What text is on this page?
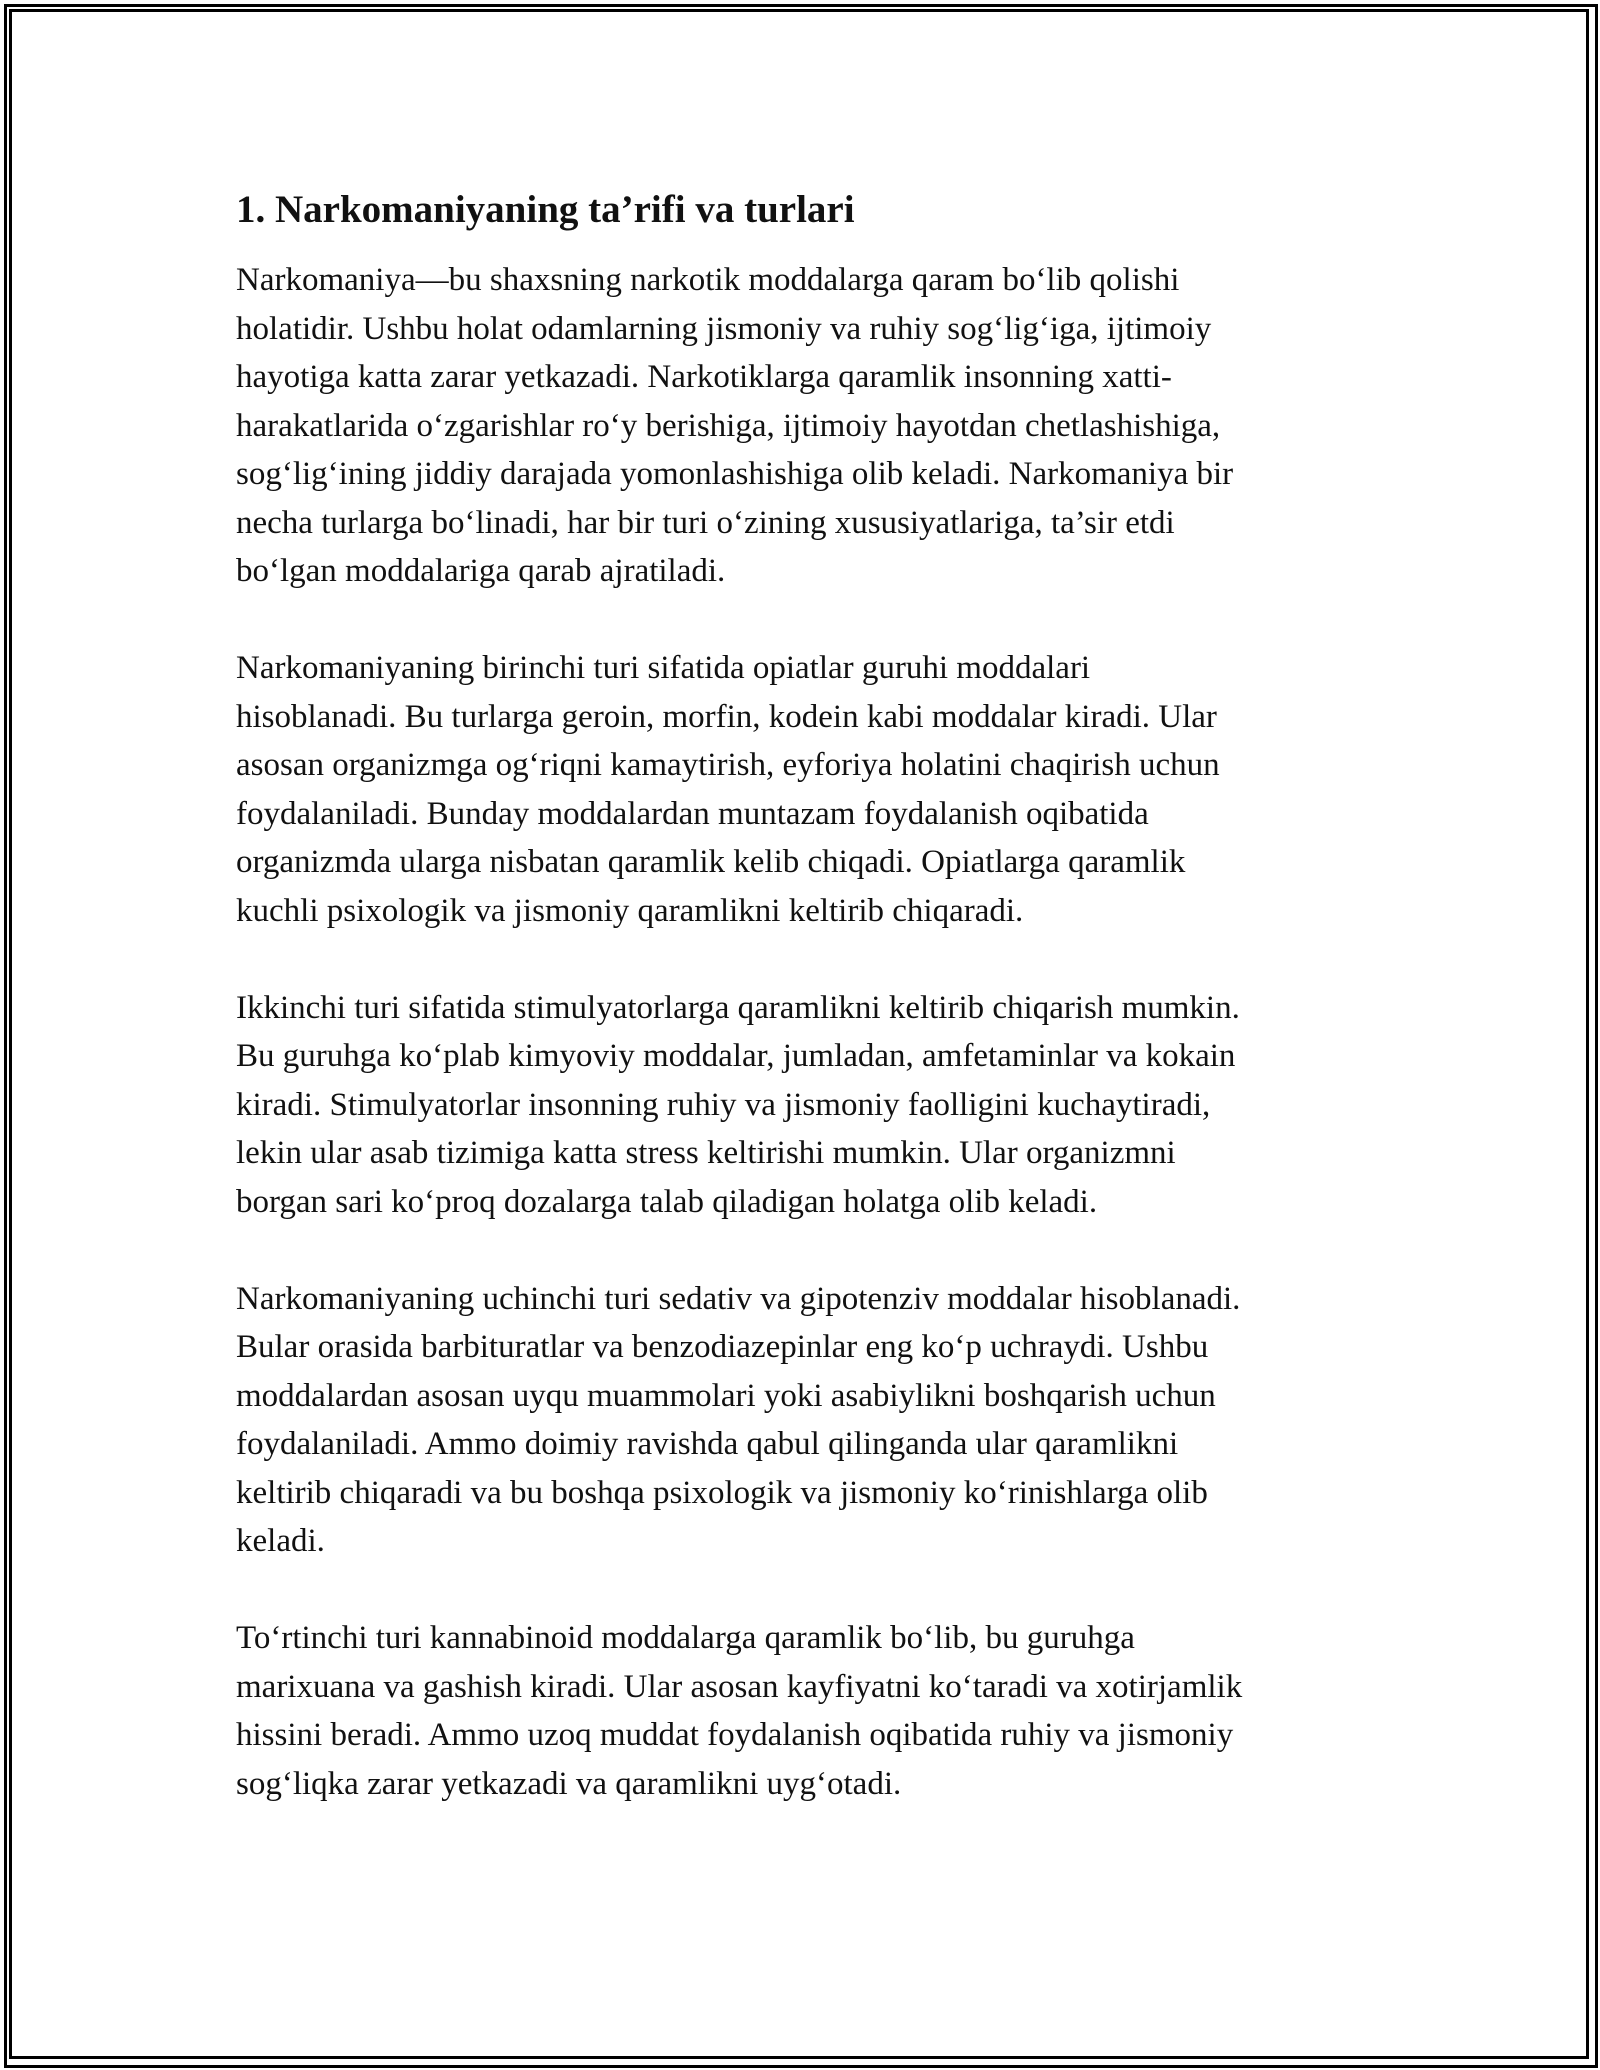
1. Narkomaniyaning ta’rifi va turlari

Narkomaniya—bu shaxsning narkotik moddalarga qaram bo‘lib qolishi
holatidir. Ushbu holat odamlarning jismoniy va ruhiy sog‘lig‘iga, ijtimoiy
hayotiga katta zarar yetkazadi. Narkotiklarga qaramlik insonning xatti-
harakatlarida o‘zgarishlar ro‘y berishiga, ijtimoiy hayotdan chetlashishiga,
sog‘lig‘ining jiddiy darajada yomonlashishiga olib keladi. Narkomaniya bir
necha turlarga bo‘linadi, har bir turi o‘zining xususiyatlariga, ta’sir etdi
bo‘lgan moddalariga qarab ajratiladi.

Narkomaniyaning birinchi turi sifatida opiatlar guruhi moddalari
hisoblanadi. Bu turlarga geroin, morfin, kodein kabi moddalar kiradi. Ular
asosan organizmga og‘riqni kamaytirish, eyforiya holatini chaqirish uchun
foydalaniladi. Bunday moddalardan muntazam foydalanish oqibatida
organizmda ularga nisbatan qaramlik kelib chiqadi. Opiatlarga qaramlik
kuchli psixologik va jismoniy qaramlikni keltirib chiqaradi.

Ikkinchi turi sifatida stimulyatorlarga qaramlikni keltirib chiqarish mumkin.
Bu guruhga ko‘plab kimyoviy moddalar, jumladan, amfetaminlar va kokain
kiradi. Stimulyatorlar insonning ruhiy va jismoniy faolligini kuchaytiradi,
lekin ular asab tizimiga katta stress keltirishi mumkin. Ular organizmni
borgan sari ko‘proq dozalarga talab qiladigan holatga olib keladi.

Narkomaniyaning uchinchi turi sedativ va gipotenziv moddalar hisoblanadi.
Bular orasida barbituratlar va benzodiazepinlar eng ko‘p uchraydi. Ushbu
moddalardan asosan uyqu muammolari yoki asabiylikni boshqarish uchun
foydalaniladi. Ammo doimiy ravishda qabul qilinganda ular qaramlikni
keltirib chiqaradi va bu boshqa psixologik va jismoniy ko‘rinishlarga olib
keladi.

To‘rtinchi turi kannabinoid moddalarga qaramlik bo‘lib, bu guruhga
marixuana va gashish kiradi. Ular asosan kayfiyatni ko‘taradi va xotirjamlik
hissini beradi. Ammo uzoq muddat foydalanish oqibatida ruhiy va jismoniy
sog‘liqka zarar yetkazadi va qaramlikni uyg‘otadi.
